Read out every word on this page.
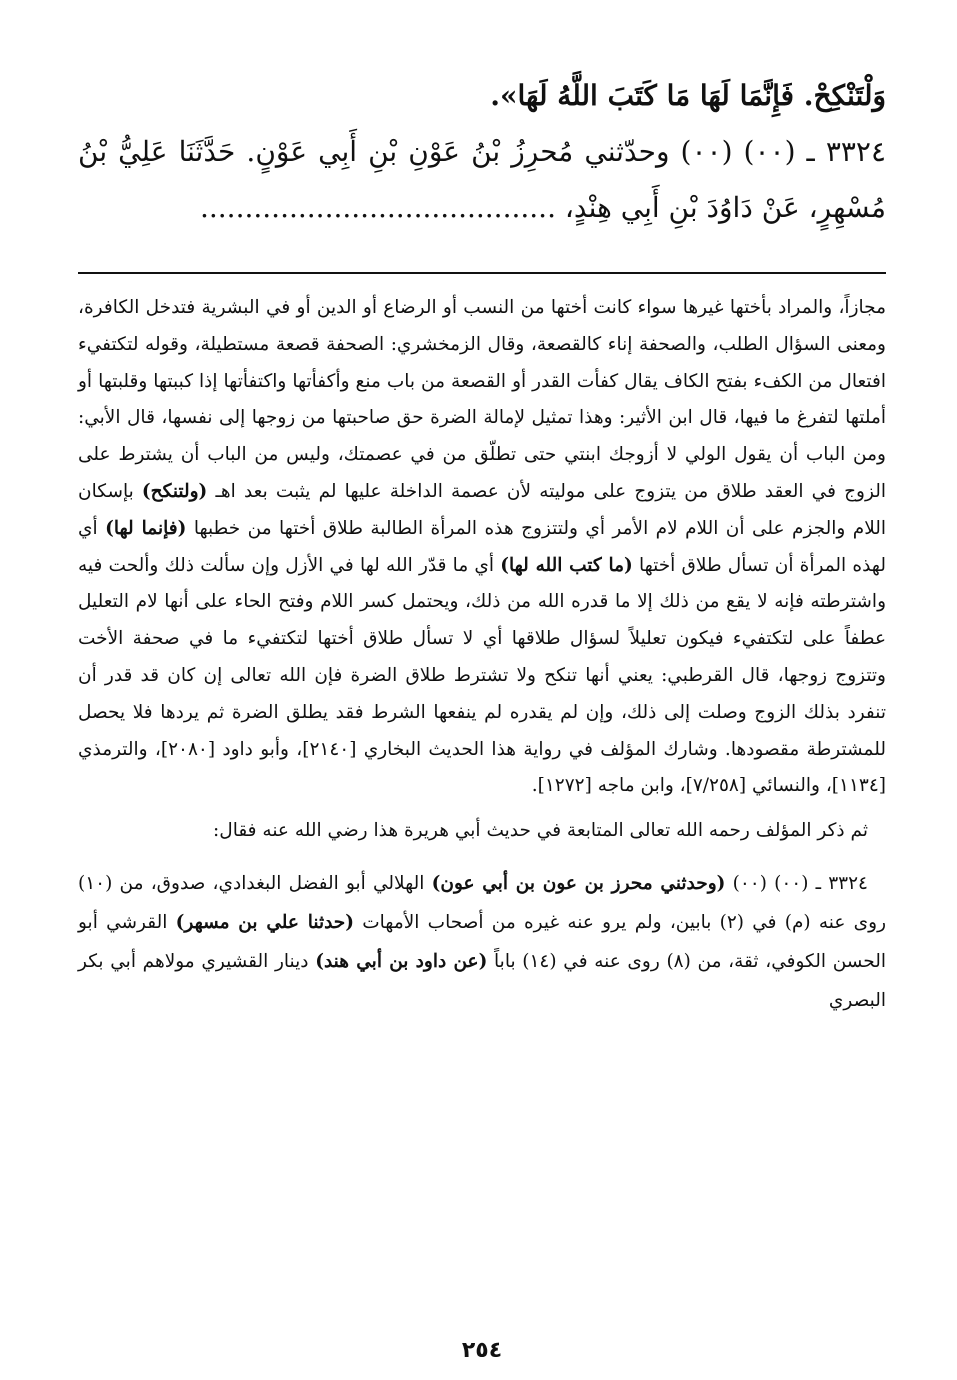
وَلْتَنْكِحْ. فَإِنَّمَا لَهَا مَا كَتَبَ اللَّهُ لَهَا».
٣٣٢٤ ـ (٠٠) (٠٠) وحدّثني مُحرِزُ بْنُ عَوْنِ بْنِ أَبِي عَوْنٍ. حَدَّثَنَا عَلِيُّ بْنُ مُسْهِرٍ، عَنْ دَاوُدَ بْنِ أَبِي هِنْدٍ، ........................................

مجازاً، والمراد بأختها غيرها سواء كانت أختها من النسب أو الرضاع أو الدين أو في البشرية فتدخل الكافرة، ومعنى السؤال الطلب، والصحفة إناء كالقصعة، وقال الزمخشري: الصحفة قصعة مستطيلة، وقوله لتكتفيء افتعال من الكفء بفتح الكاف يقال كفأت القدر أو القصعة من باب منع وأكفأتها واكتفأتها إذا كببتها وقلبتها أو أملتها لتفرغ ما فيها، قال ابن الأثير: وهذا تمثيل لإمالة الضرة حق صاحبتها من زوجها إلى نفسها، قال الأبي: ومن الباب أن يقول الولي لا أزوجك ابنتي حتى تطلّق من في عصمتك، وليس من الباب أن يشترط على الزوج في العقد طلاق من يتزوج على موليته لأن عصمة الداخلة عليها لم يثبت بعد اهـ (ولتنكح) بإسكان اللام والجزم على أن اللام لام الأمر أي ولتتزوج هذه المرأة الطالبة طلاق أختها من خطبها (فإنما لها) أي لهذه المرأة أن تسأل طلاق أختها (ما كتب الله لها) أي ما قدّر الله لها في الأزل وإن سألت ذلك وألحت فيه واشترطته فإنه لا يقع من ذلك إلا ما قدره الله من ذلك، ويحتمل كسر اللام وفتح الحاء على أنها لام التعليل عطفاً على لتكتفيء فيكون تعليلاً لسؤال طلاقها أي لا تسأل طلاق أختها لتكتفيء ما في صحفة الأخت وتتزوج زوجها، قال القرطبي: يعني أنها تنكح ولا تشترط طلاق الضرة فإن الله تعالى إن كان قد قدر أن تنفرد بذلك الزوج وصلت إلى ذلك، وإن لم يقدره لم ينفعها الشرط فقد يطلق الضرة ثم يردها فلا يحصل للمشترطة مقصودها. وشارك المؤلف في رواية هذا الحديث البخاري [٢١٤٠]، وأبو داود [٢٠٨٠]، والترمذي [١١٣٤]، والنسائي [٧/٢٥٨]، وابن ماجه [١٢٧٢].

ثم ذكر المؤلف رحمه الله تعالى المتابعة في حديث أبي هريرة هذا رضي الله عنه فقال:

٣٣٢٤ ـ (٠٠) (٠٠) (وحدثني محرز بن عون بن أبي عون) الهلالي أبو الفضل البغدادي، صدوق، من (١٠) روى عنه (م) في (٢) بابين، ولم يرو عنه غيره من أصحاب الأمهات (حدثنا علي بن مسهر) القرشي أبو الحسن الكوفي، ثقة، من (٨) روى عنه في (١٤) باباً (عن داود بن أبي هند) دينار القشيري مولاهم أبي بكر البصري

٢٥٤
